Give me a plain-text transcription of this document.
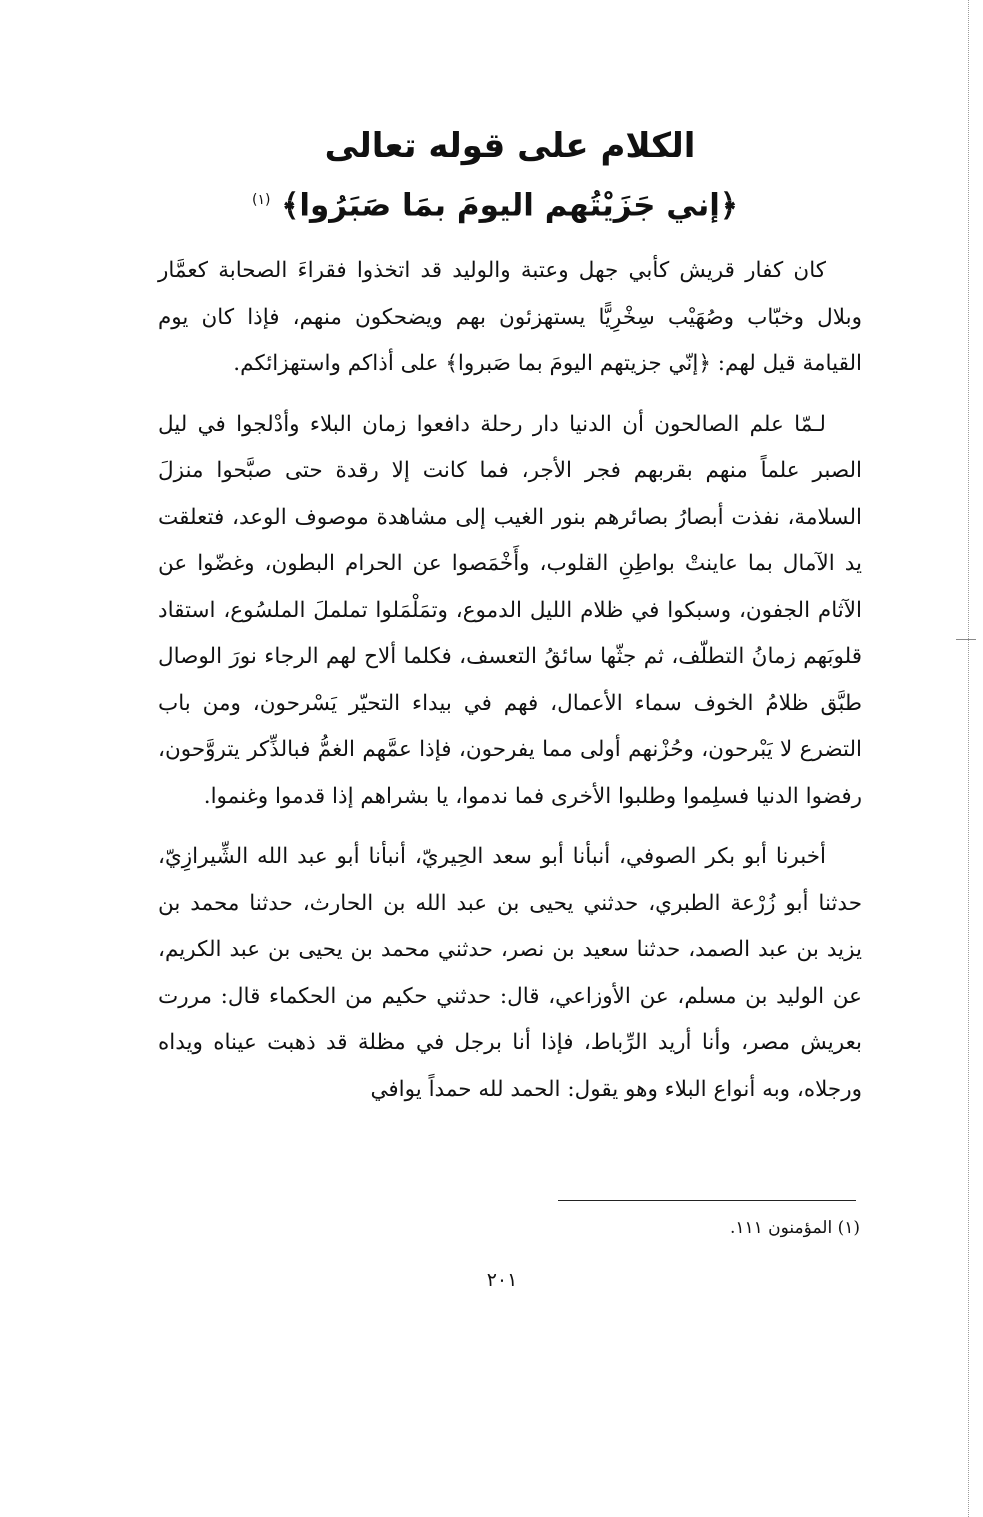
الكلام على قوله تعالى

﴿إني جَزَيْتُهم اليومَ بمَا صَبَرُوا﴾ $^{(١)}$

كان كفار قريش كأبي جهل وعتبة والوليد قد اتخذوا فقراءَ الصحابة كعمَّار وبلال وخبّاب وصُهَيْب سِخْرِيًّا يستهزئون بهم ويضحكون منهم، فإذا كان يوم القيامة قيل لهم: ﴿إنّي جزيتهم اليومَ بما صَبروا﴾ على أذاكم واستهزائكم.

لـمّا علم الصالحون أن الدنيا دار رحلة دافعوا زمان البلاء وأدْلجوا في ليل الصبر علماً منهم بقربهم فجر الأجر، فما كانت إلا رقدة حتى صبَّحوا منزلَ السلامة، نفذت أبصارُ بصائرهم بنور الغيب إلى مشاهدة موصوف الوعد، فتعلقت يد الآمال بما عاينتْ بواطِنِ القلوب، وأَخْمَصوا عن الحرام البطون، وغضّوا عن الآثام الجفون، وسبكوا في ظلام الليل الدموع، وتمَلْمَلوا تململَ الملسُوع، استقاد قلوبَهم زمانُ التطلّف، ثم جثّها سائقُ التعسف، فكلما ألاح لهم الرجاء نورَ الوصال طبَّق ظلامُ الخوف سماء الأعمال، فهم في بيداء التحيّر يَسْرحون، ومن باب التضرع لا يَبْرحون، وحُزْنهم أولى مما يفرحون، فإذا عمَّهم الغمُّ فبالذِّكر يتروَّحون، رفضوا الدنيا فسلِموا وطلبوا الأخرى فما ندموا، يا بشراهم إذا قدموا وغنموا.

أخبرنا أبو بكر الصوفي، أنبأنا أبو سعد الحِيريّ، أنبأنا أبو عبد الله الشِّيرازِيّ، حدثنا أبو زُرْعة الطبري، حدثني يحيى بن عبد الله بن الحارث، حدثنا محمد بن يزيد بن عبد الصمد، حدثنا سعيد بن نصر، حدثني محمد بن يحيى بن عبد الكريم، عن الوليد بن مسلم، عن الأوزاعي، قال: حدثني حكيم من الحكماء قال: مررت بعريش مصر، وأنا أريد الرِّباط، فإذا أنا برجل في مظلة قد ذهبت عيناه ويداه ورجلاه، وبه أنواع البلاء وهو يقول: الحمد لله حمداً يوافي

(١) المؤمنون ١١١.
٢٠١
